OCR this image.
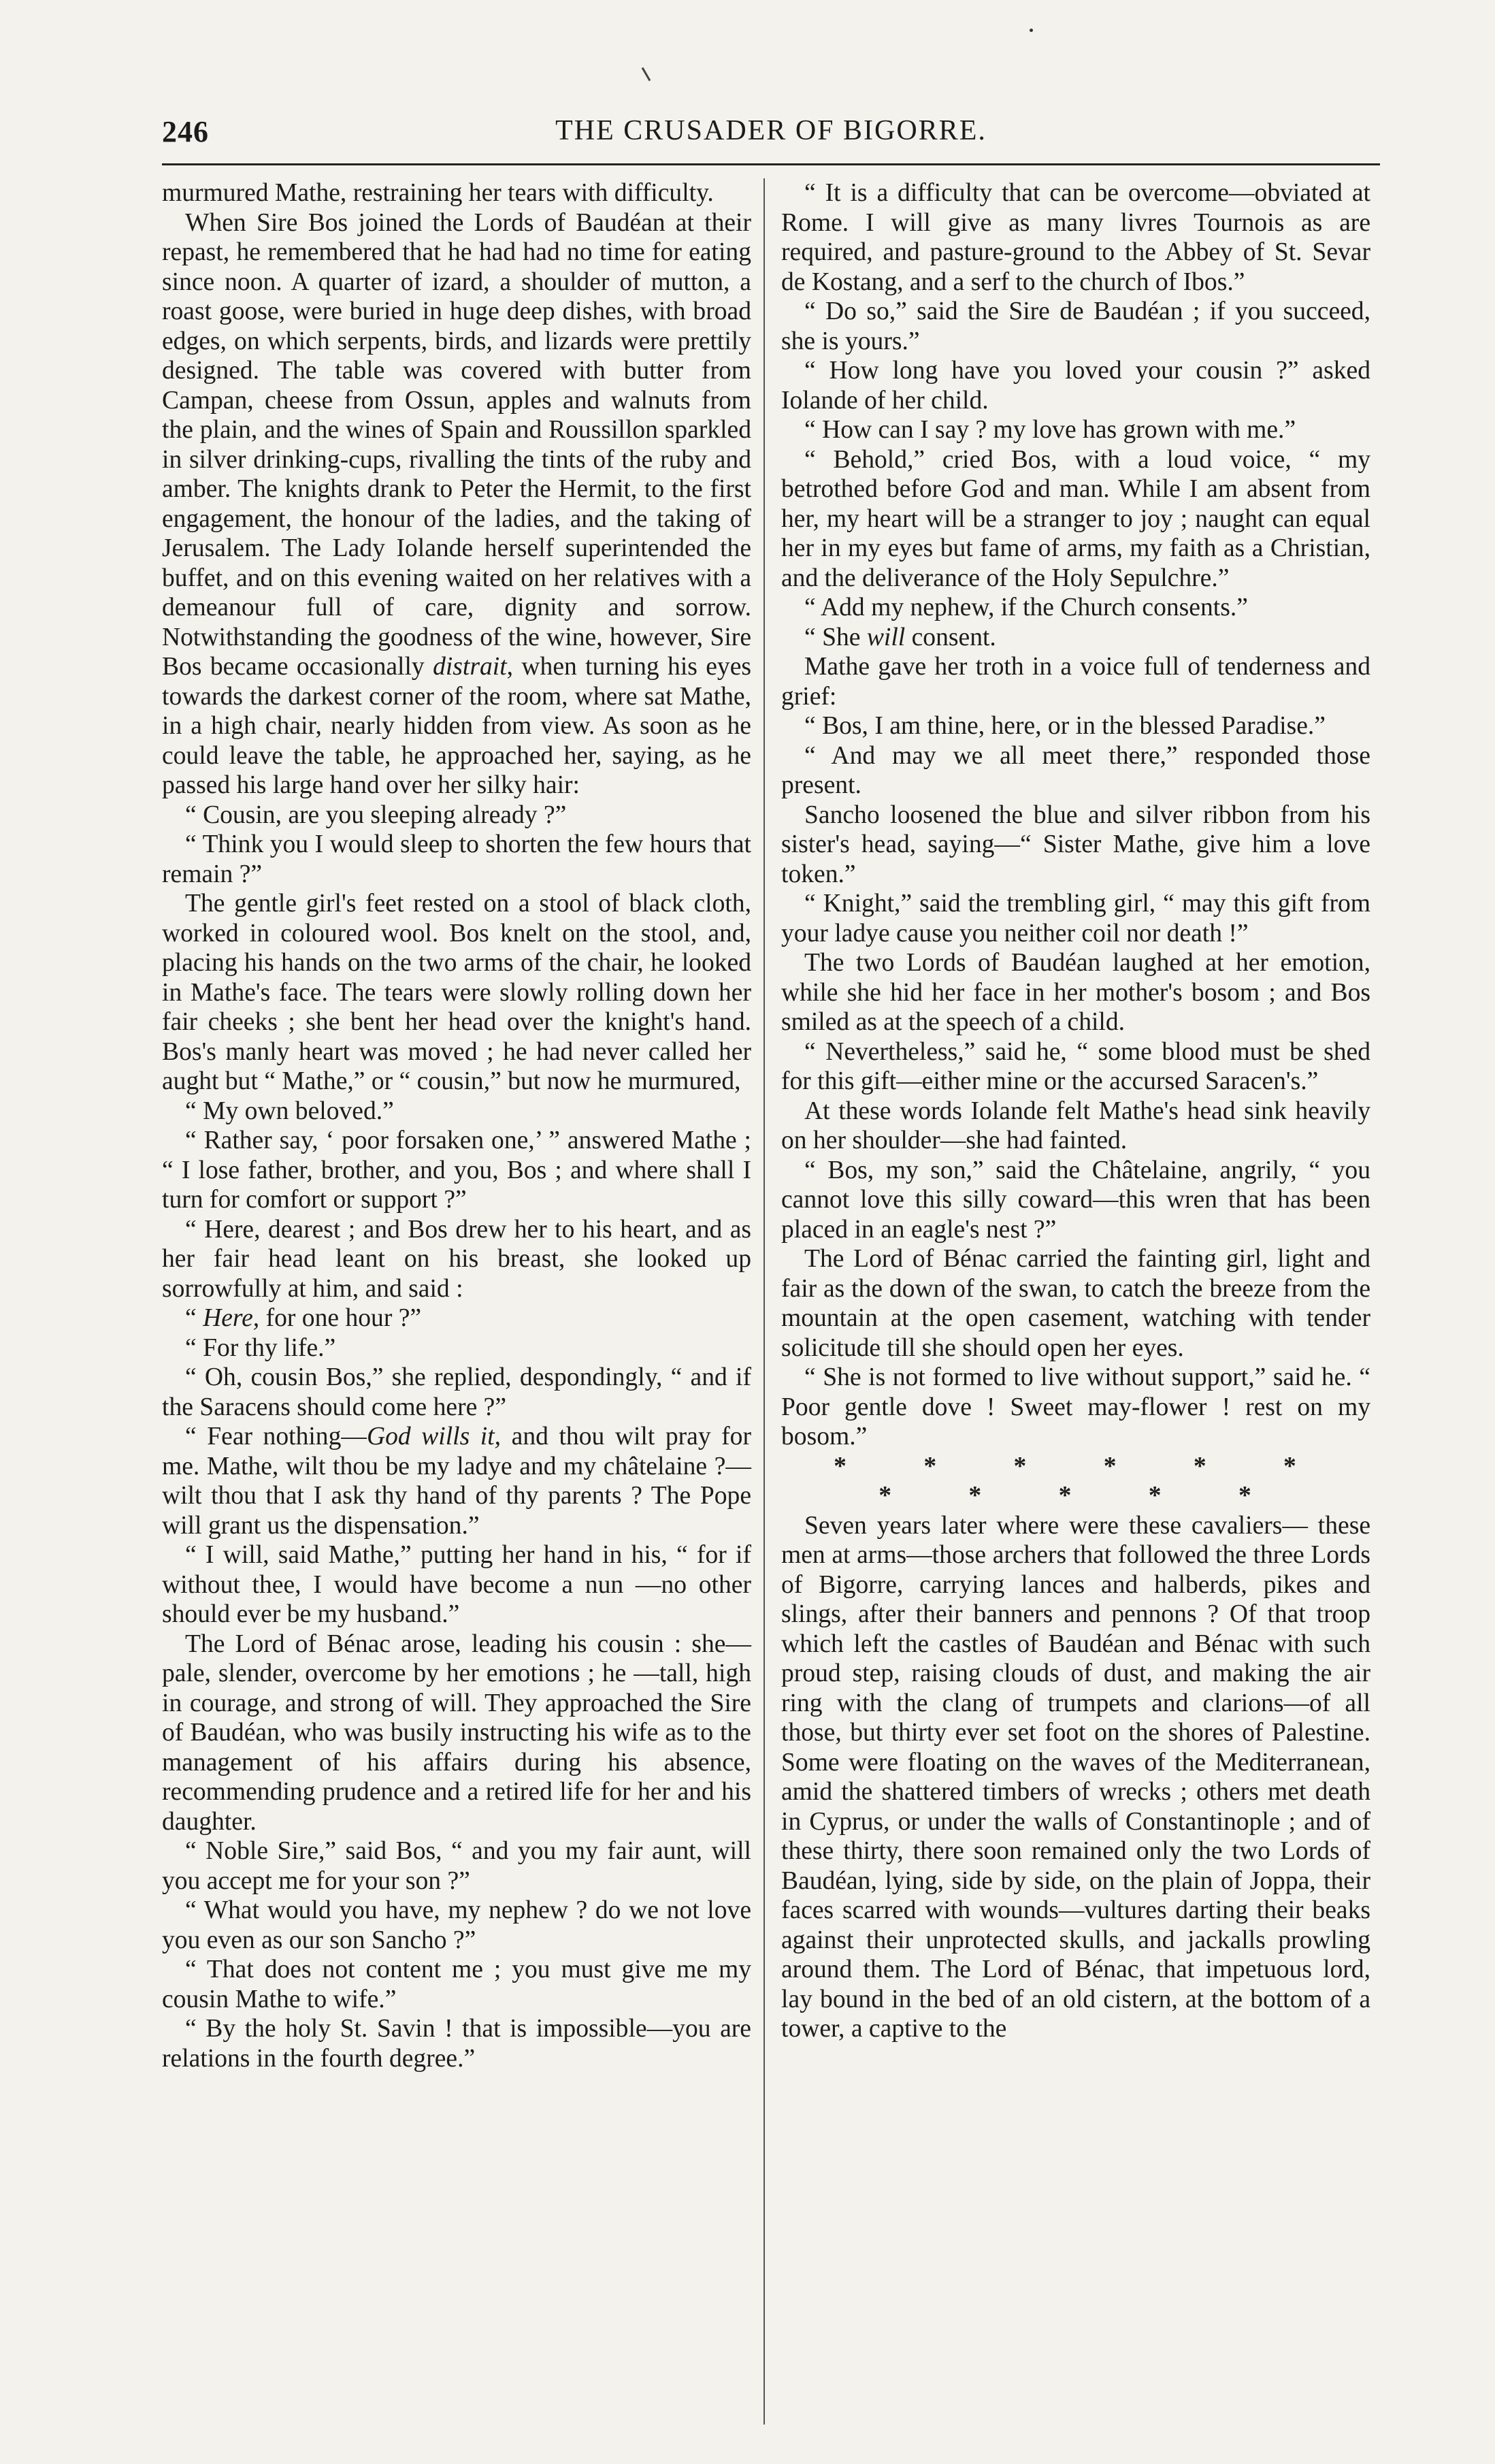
246	THE CRUSADER OF BIGORRE.

murmured Mathe, restraining her tears with difficulty.

When Sire Bos joined the Lords of Baudéan at their repast, he remembered that he had had no time for eating since noon. A quarter of izard, a shoulder of mutton, a roast goose, were buried in huge deep dishes, with broad edges, on which serpents, birds, and lizards were prettily designed. The table was covered with butter from Campan, cheese from Ossun, apples and walnuts from the plain, and the wines of Spain and Roussillon sparkled in silver drinking-cups, rivalling the tints of the ruby and amber. The knights drank to Peter the Hermit, to the first engagement, the honour of the ladies, and the taking of Jerusalem. The Lady Iolande herself superintended the buffet, and on this evening waited on her relatives with a demeanour full of care, dignity and sorrow. Notwithstanding the goodness of the wine, however, Sire Bos became occasionally distrait, when turning his eyes towards the darkest corner of the room, where sat Mathe, in a high chair, nearly hidden from view. As soon as he could leave the table, he approached her, saying, as he passed his large hand over her silky hair:

“ Cousin, are you sleeping already ?”

“ Think you I would sleep to shorten the few hours that remain ?”

The gentle girl's feet rested on a stool of black cloth, worked in coloured wool. Bos knelt on the stool, and, placing his hands on the two arms of the chair, he looked in Mathe's face. The tears were slowly rolling down her fair cheeks ; she bent her head over the knight's hand. Bos's manly heart was moved ; he had never called her aught but “ Mathe,” or “ cousin,” but now he murmured,

“ My own beloved.”

“ Rather say, ‘ poor forsaken one,’ ” answered Mathe ; “ I lose father, brother, and you, Bos ; and where shall I turn for comfort or support ?”

“ Here, dearest ; and Bos drew her to his heart, and as her fair head leant on his breast, she looked up sorrowfully at him, and said :

“ Here, for one hour ?”

“ For thy life.”

“ Oh, cousin Bos,” she replied, despondingly, “ and if the Saracens should come here ?”

“ Fear nothing—God wills it, and thou wilt pray for me. Mathe, wilt thou be my ladye and my châtelaine ?—wilt thou that I ask thy hand of thy parents ? The Pope will grant us the dispensation.”

“ I will, said Mathe,” putting her hand in his, “ for if without thee, I would have become a nun —no other should ever be my husband.”

The Lord of Bénac arose, leading his cousin : she—pale, slender, overcome by her emotions ; he —tall, high in courage, and strong of will. They approached the Sire of Baudéan, who was busily instructing his wife as to the management of his affairs during his absence, recommending prudence and a retired life for her and his daughter.

“ Noble Sire,” said Bos, “ and you my fair aunt, will you accept me for your son ?”

“ What would you have, my nephew ? do we not love you even as our son Sancho ?”

“ That does not content me ; you must give me my cousin Mathe to wife.”

“ By the holy St. Savin ! that is impossible—you are relations in the fourth degree.”

“ It is a difficulty that can be overcome—obviated at Rome. I will give as many livres Tournois as are required, and pasture-ground to the Abbey of St. Sevar de Kostang, and a serf to the church of Ibos.”

“ Do so,” said the Sire de Baudéan ; if you succeed, she is yours.”

“ How long have you loved your cousin ?” asked Iolande of her child.

“ How can I say ? my love has grown with me.”

“ Behold,” cried Bos, with a loud voice, “ my betrothed before God and man. While I am absent from her, my heart will be a stranger to joy ; naught can equal her in my eyes but fame of arms, my faith as a Christian, and the deliverance of the Holy Sepulchre.”

“ Add my nephew, if the Church consents.”

“ She will consent.

Mathe gave her troth in a voice full of tenderness and grief:

“ Bos, I am thine, here, or in the blessed Paradise.”

“ And may we all meet there,” responded those present.

Sancho loosened the blue and silver ribbon from his sister's head, saying—“ Sister Mathe, give him a love token.”

“ Knight,” said the trembling girl, “ may this gift from your ladye cause you neither coil nor death !”

The two Lords of Baudéan laughed at her emotion, while she hid her face in her mother's bosom ; and Bos smiled as at the speech of a child.

“ Nevertheless,” said he, “ some blood must be shed for this gift—either mine or the accursed Saracen's.”

At these words Iolande felt Mathe's head sink heavily on her shoulder—she had fainted.

“ Bos, my son,” said the Châtelaine, angrily, “ you cannot love this silly coward—this wren that has been placed in an eagle's nest ?”

The Lord of Bénac carried the fainting girl, light and fair as the down of the swan, to catch the breeze from the mountain at the open casement, watching with tender solicitude till she should open her eyes.

“ She is not formed to live without support,” said he. “ Poor gentle dove ! Sweet may-flower ! rest on my bosom.”

* * * * * * * * * * *

Seven years later where were these cavaliers— these men at arms—those archers that followed the three Lords of Bigorre, carrying lances and halberds, pikes and slings, after their banners and pennons ? Of that troop which left the castles of Baudéan and Bénac with such proud step, raising clouds of dust, and making the air ring with the clang of trumpets and clarions—of all those, but thirty ever set foot on the shores of Palestine. Some were floating on the waves of the Mediterranean, amid the shattered timbers of wrecks ; others met death in Cyprus, or under the walls of Constantinople ; and of these thirty, there soon remained only the two Lords of Baudéan, lying, side by side, on the plain of Joppa, their faces scarred with wounds—vultures darting their beaks against their unprotected skulls, and jackalls prowling around them. The Lord of Bénac, that impetuous lord, lay bound in the bed of an old cistern, at the bottom of a tower, a captive to the
